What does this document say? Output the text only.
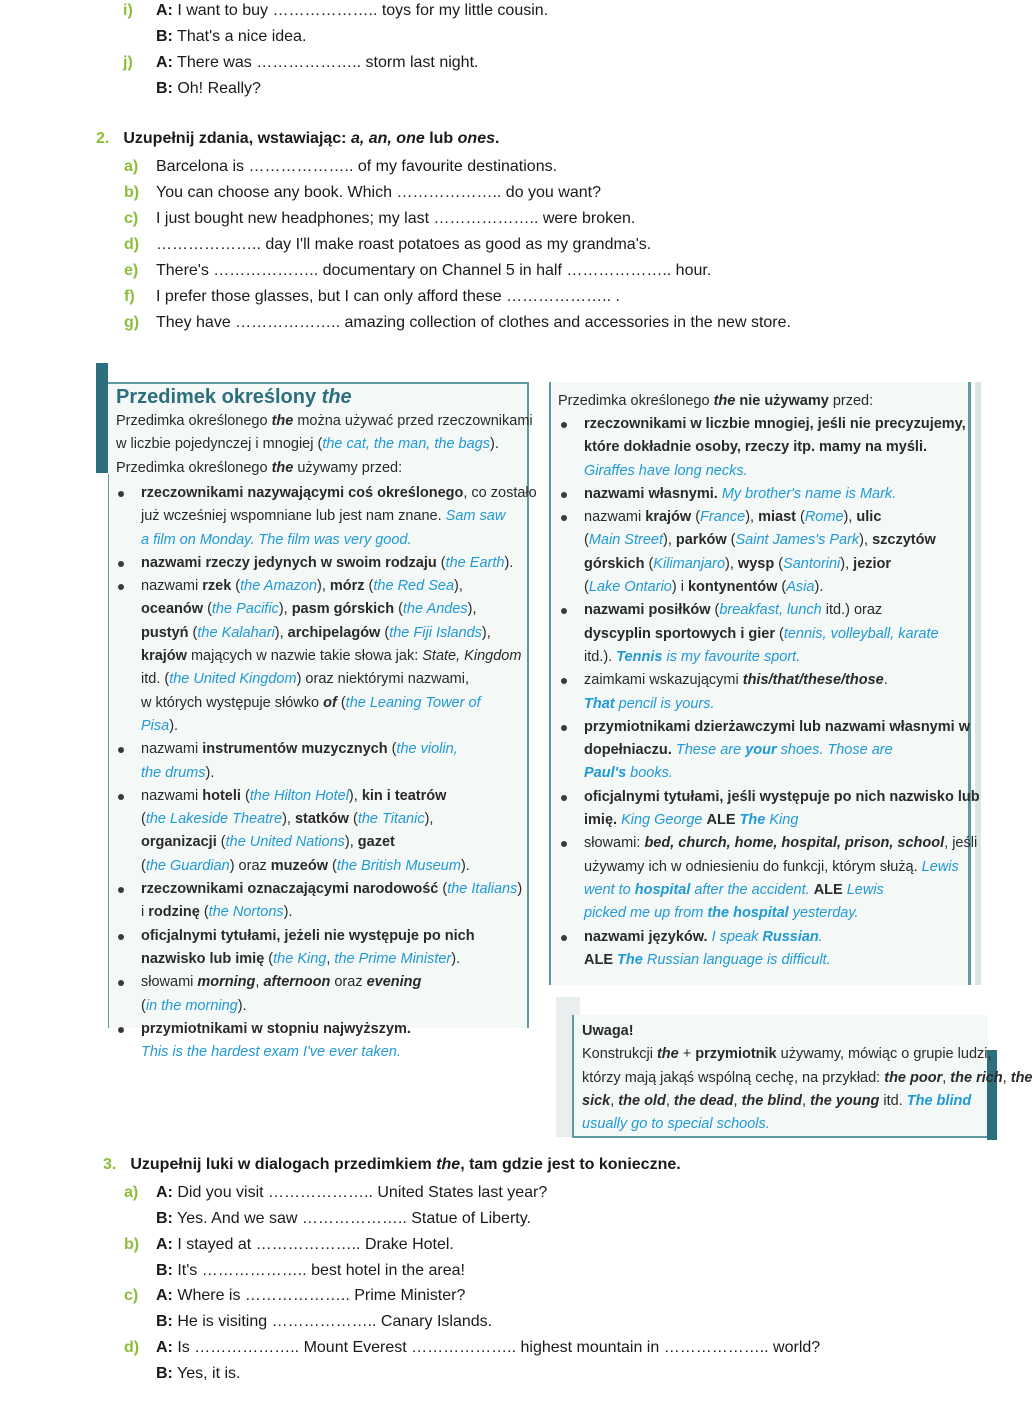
i) A: I want to buy ……………….. toys for my little cousin.
B: That's a nice idea.
j) A: There was ……………….. storm last night.
B: Oh! Really?
2. Uzupełnij zdania, wstawiając: a, an, one lub ones.
a) Barcelona is ……………….. of my favourite destinations.
b) You can choose any book. Which ……………….. do you want?
c) I just bought new headphones; my last ……………….. were broken.
d) ……………….. day I'll make roast potatoes as good as my grandma's.
e) There's ……………….. documentary on Channel 5 in half ……………….. hour.
f) I prefer those glasses, but I can only afford these ……………….. .
g) They have ……………….. amazing collection of clothes and accessories in the new store.
Przedimek określony the

Przedimka określonego the można używać przed rzeczownikami

w liczbie pojedynczej i mnogiej (the cat, the man, the bags).

Przedimka określonego the używamy przed:

rzeczownikami nazywającymi coś określonego, co zostało

już wcześniej wspomniane lub jest nam znane. Sam saw

a film on Monday. The film was very good.

nazwami rzeczy jedynych w swoim rodzaju (the Earth).

nazwami rzek (the Amazon), mórz (the Red Sea),

oceanów (the Pacific), pasm górskich (the Andes),

pustyń (the Kalahari), archipelagów (the Fiji Islands),

krajów mających w nazwie takie słowa jak: State, Kingdom

itd. (the United Kingdom) oraz niektórymi nazwami,

w których występuje słówko of (the Leaning Tower of

Pisa).

nazwami instrumentów muzycznych (the violin,

the drums).

nazwami hoteli (the Hilton Hotel), kin i teatrów

(the Lakeside Theatre), statków (the Titanic),

organizacji (the United Nations), gazet

(the Guardian) oraz muzeów (the British Museum).

rzeczownikami oznaczającymi narodowość (the Italians)

i rodzinę (the Nortons).

oficjalnymi tytułami, jeżeli nie występuje po nich

nazwisko lub imię (the King, the Prime Minister).

słowami morning, afternoon oraz evening

(in the morning).

przymiotnikami w stopniu najwyższym.

This is the hardest exam I've ever taken.

Przedimka określonego the nie używamy przed:

rzeczownikami w liczbie mnogiej, jeśli nie precyzujemy,

które dokładnie osoby, rzeczy itp. mamy na myśli.

Giraffes have long necks.

nazwami własnymi. My brother's name is Mark.

nazwami krajów (France), miast (Rome), ulic

(Main Street), parków (Saint James's Park), szczytów

górskich (Kilimanjaro), wysp (Santorini), jezior

(Lake Ontario) i kontynentów (Asia).

nazwami posiłków (breakfast, lunch itd.) oraz

dyscyplin sportowych i gier (tennis, volleyball, karate

itd.). Tennis is my favourite sport.

zaimkami wskazującymi this/that/these/those.

That pencil is yours.

przymiotnikami dzierżawczymi lub nazwami własnymi w

dopełniaczu. These are your shoes. Those are

Paul's books.

oficjalnymi tytułami, jeśli występuje po nich nazwisko lub

imię. King George ALE The King

słowami: bed, church, home, hospital, prison, school, jeśli

używamy ich w odniesieniu do funkcji, którym służą. Lewis

went to hospital after the accident. ALE Lewis

picked me up from the hospital yesterday.

nazwami języków. I speak Russian.

ALE The Russian language is difficult.

Uwaga!

Konstrukcji the + przymiotnik używamy, mówiąc o grupie ludzi,

którzy mają jakąś wspólną cechę, na przykład: the poor, the rich, the

sick, the old, the dead, the blind, the young itd. The blind

usually go to special schools.

3. Uzupełnij luki w dialogach przedimkiem the, tam gdzie jest to konieczne.
a) A: Did you visit ……………….. United States last year?
B: Yes. And we saw ……………….. Statue of Liberty.
b) A: I stayed at ……………….. Drake Hotel.
B: It's ……………….. best hotel in the area!
c) A: Where is ……………….. Prime Minister?
B: He is visiting ……………….. Canary Islands.
d) A: Is ……………….. Mount Everest ……………….. highest mountain in ……………….. world?
B: Yes, it is.
